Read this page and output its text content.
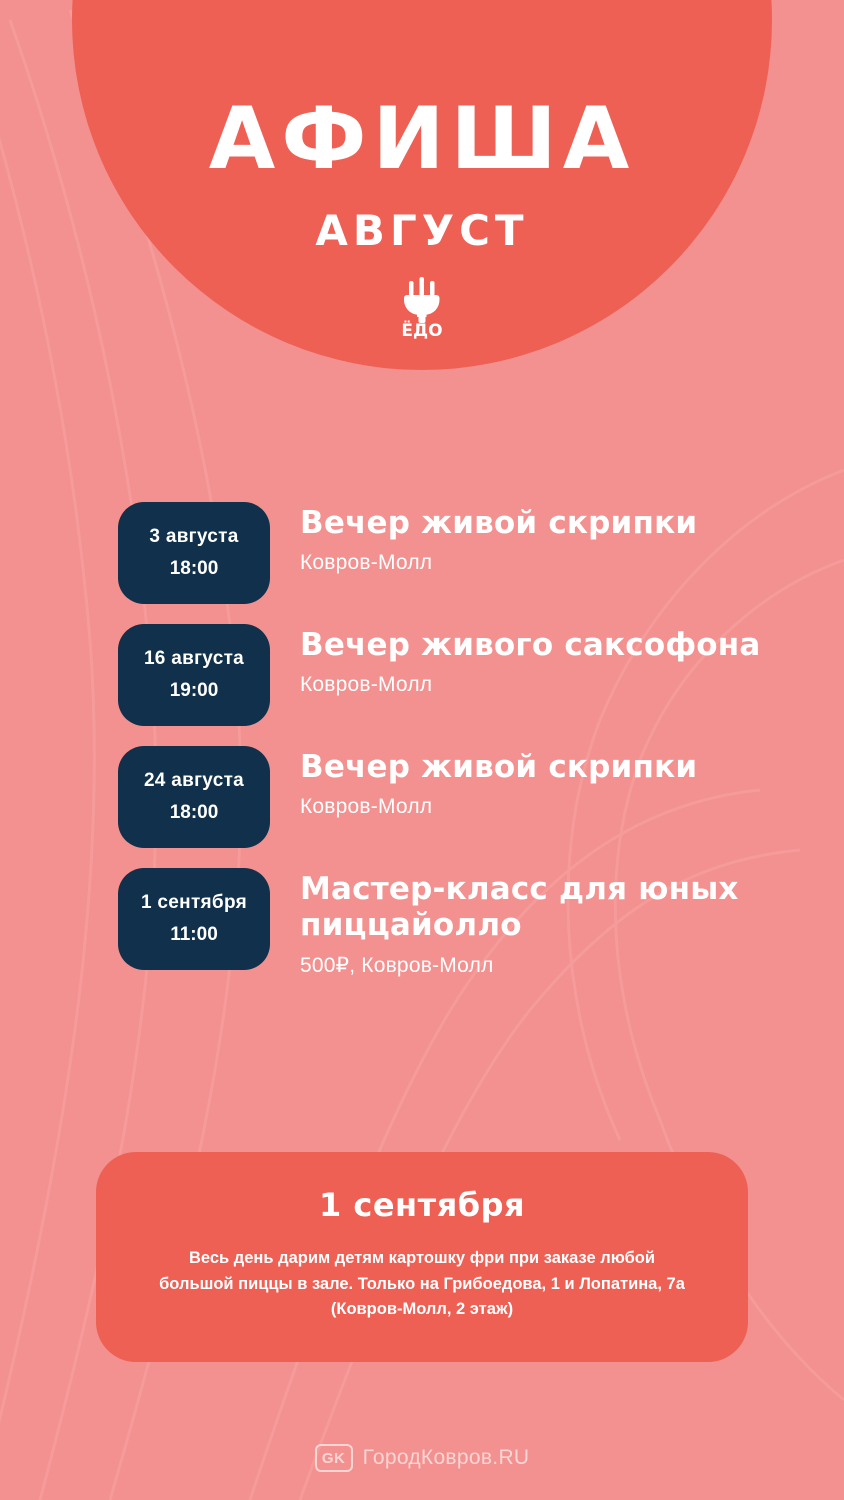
АФИША
АВГУСТ
ЁДО
3 августа
18:00
Вечер живой скрипки
Ковров-Молл
16 августа
19:00
Вечер живого саксофона
Ковров-Молл
24 августа
18:00
Вечер живой скрипки
Ковров-Молл
1 сентября
11:00
Мастер-класс для юных пиццайолло
500₽, Ковров-Молл
1 сентября
Весь день дарим детям картошку фри при заказе любой большой пиццы в зале. Только на Грибоедова, 1 и Лопатина, 7а (Ковров-Молл, 2 этаж)
GK ГородКовров.RU
